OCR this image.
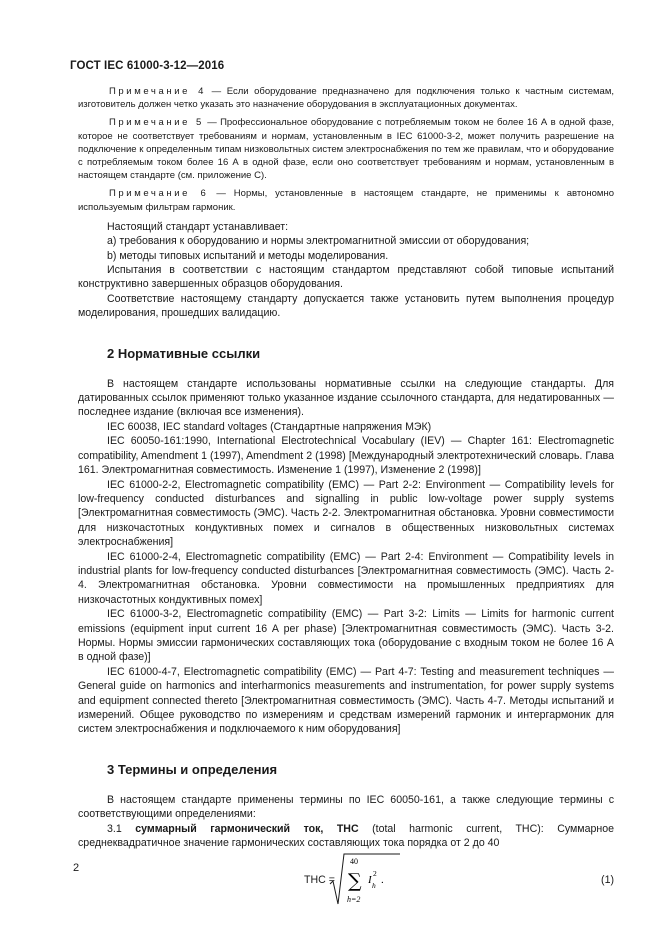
ГОСТ IEC 61000-3-12—2016

Примечание 4 — Если оборудование предназначено для подключения только к частным системам, изготовитель должен четко указать это назначение оборудования в эксплуатационных документах.

Примечание 5 — Профессиональное оборудование с потребляемым током не более 16 А в одной фазе, которое не соответствует требованиям и нормам, установленным в IEC 61000-3-2, может получить разрешение на подключение к определенным типам низковольтных систем электроснабжения по тем же правилам, что и оборудование с потребляемым током более 16 А в одной фазе, если оно соответствует требованиям и нормам, установленным в настоящем стандарте (см. приложение С).

Примечание 6 — Нормы, установленные в настоящем стандарте, не применимы к автономно используемым фильтрам гармоник.

Настоящий стандарт устанавливает:

a) требования к оборудованию и нормы электромагнитной эмиссии от оборудования;

b) методы типовых испытаний и методы моделирования.

Испытания в соответствии с настоящим стандартом представляют собой типовые испытаний конструктивно завершенных образцов оборудования.

Соответствие настоящему стандарту допускается также установить путем выполнения процедур моделирования, прошедших валидацию.

2 Нормативные ссылки

В настоящем стандарте использованы нормативные ссылки на следующие стандарты. Для датированных ссылок применяют только указанное издание ссылочного стандарта, для недатированных — последнее издание (включая все изменения).

IEC 60038, IEC standard voltages (Стандартные напряжения МЭК)

IEC 60050-161:1990, International Electrotechnical Vocabulary (IEV) — Chapter 161: Electromagnetic compatibility, Amendment 1 (1997), Amendment 2 (1998) [Международный электротехнический словарь. Глава 161. Электромагнитная совместимость. Изменение 1 (1997), Изменение 2 (1998)]

IEC 61000-2-2, Electromagnetic compatibility (EMC) — Part 2-2: Environment — Compatibility levels for low-frequency conducted disturbances and signalling in public low-voltage power supply systems [Электромагнитная совместимость (ЭМС). Часть 2-2. Электромагнитная обстановка. Уровни совместимости для низкочастотных кондуктивных помех и сигналов в общественных низковольтных системах электроснабжения]

IEC 61000-2-4, Electromagnetic compatibility (EMC) — Part 2-4: Environment — Compatibility levels in industrial plants for low-frequency conducted disturbances [Электромагнитная совместимость (ЭМС). Часть 2-4. Электромагнитная обстановка. Уровни совместимости на промышленных предприятиях для низкочастотных кондуктивных помех]

IEC 61000-3-2, Electromagnetic compatibility (EMC) — Part 3-2: Limits — Limits for harmonic current emissions (equipment input current 16 A per phase) [Электромагнитная совместимость (ЭМС). Часть 3-2. Нормы. Нормы эмиссии гармонических составляющих тока (оборудование с входным током не более 16 А в одной фазе)]

IEC 61000-4-7, Electromagnetic compatibility (EMC) — Part 4-7: Testing and measurement techniques — General guide on harmonics and interharmonics measurements and instrumentation, for power supply systems and equipment connected thereto [Электромагнитная совместимость (ЭМС). Часть 4-7. Методы испытаний и измерений. Общее руководство по измерениям и средствам измерений гармоник и интергармоник для систем электроснабжения и подключаемого к ним оборудования]

3 Термины и определения

В настоящем стандарте применены термины по IEC 60050-161, а также следующие термины с соответствующими определениями:

3.1 суммарный гармонический ток, THC (total harmonic current, THC): Суммарное среднеквадратичное значение гармонических составляющих тока порядка от 2 до 40

THC =
40
∑
h=2
I h
2
.	(1)
2
